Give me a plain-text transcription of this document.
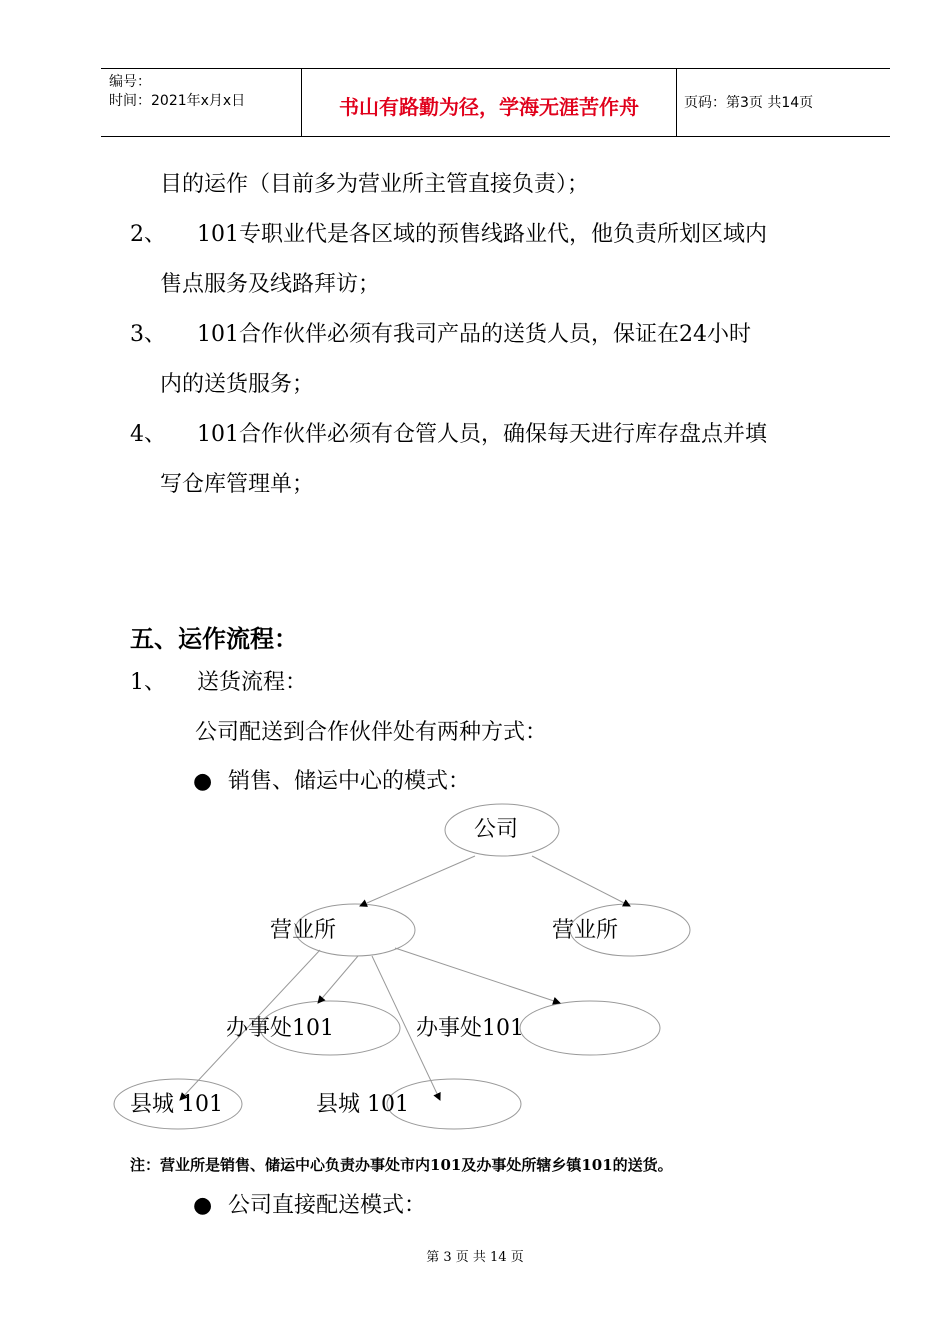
编号：
时间：2021年x月x日	书山有路勤为径，学海无涯苦作舟	页码：第3页 共14页
目的运作（目前多为营业所主管直接负责）；
2、 101专职业代是各区域的预售线路业代，他负责所划区域内
售点服务及线路拜访；
3、 101合作伙伴必须有我司产品的送货人员，保证在24小时
内的送货服务；
4、 101合作伙伴必须有仓管人员，确保每天进行库存盘点并填
写仓库管理单；
五、运作流程：
1、 送货流程：
公司配送到合作伙伴处有两种方式：
● 销售、储运中心的模式：
公司
营业所	营业所
办事处101	办事处101
县城 101	县城 101
注：营业所是销售、储运中心负责办事处市内101及办事处所辖乡镇101的送货。
● 公司直接配送模式：
第 3 页 共 14 页
